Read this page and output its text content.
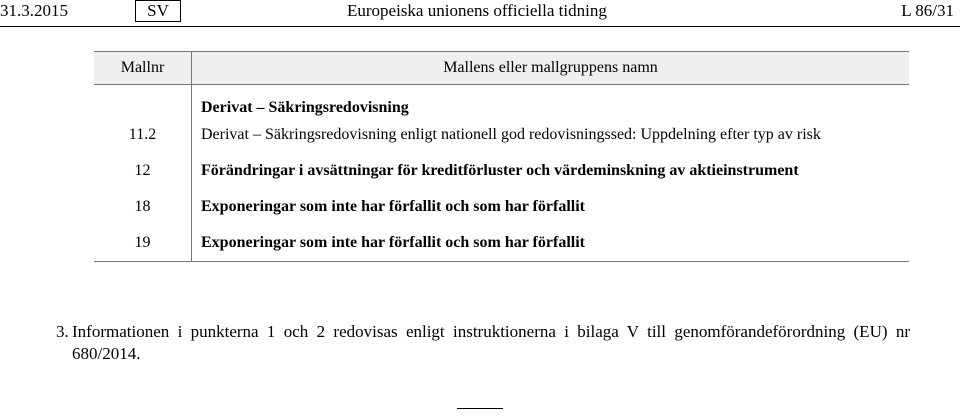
31.3.2015	SV	Europeiska unionens officiella tidning	L 86/31
Mallnr	Mallens eller mallgruppens namn
	Derivat – Säkringsredovisning
11.2	Derivat – Säkringsredovisning enligt nationell god redovisningssed: Uppdelning efter typ av risk
12	Förändringar i avsättningar för kreditförluster och värdeminskning av aktieinstrument
18	Exponeringar som inte har förfallit och som har förfallit
19	Exponeringar som inte har förfallit och som har förfallit
3. Informationen i punkterna 1 och 2 redovisas enligt instruktionerna i bilaga V till genomförandeförordning (EU) nr 680/2014.
